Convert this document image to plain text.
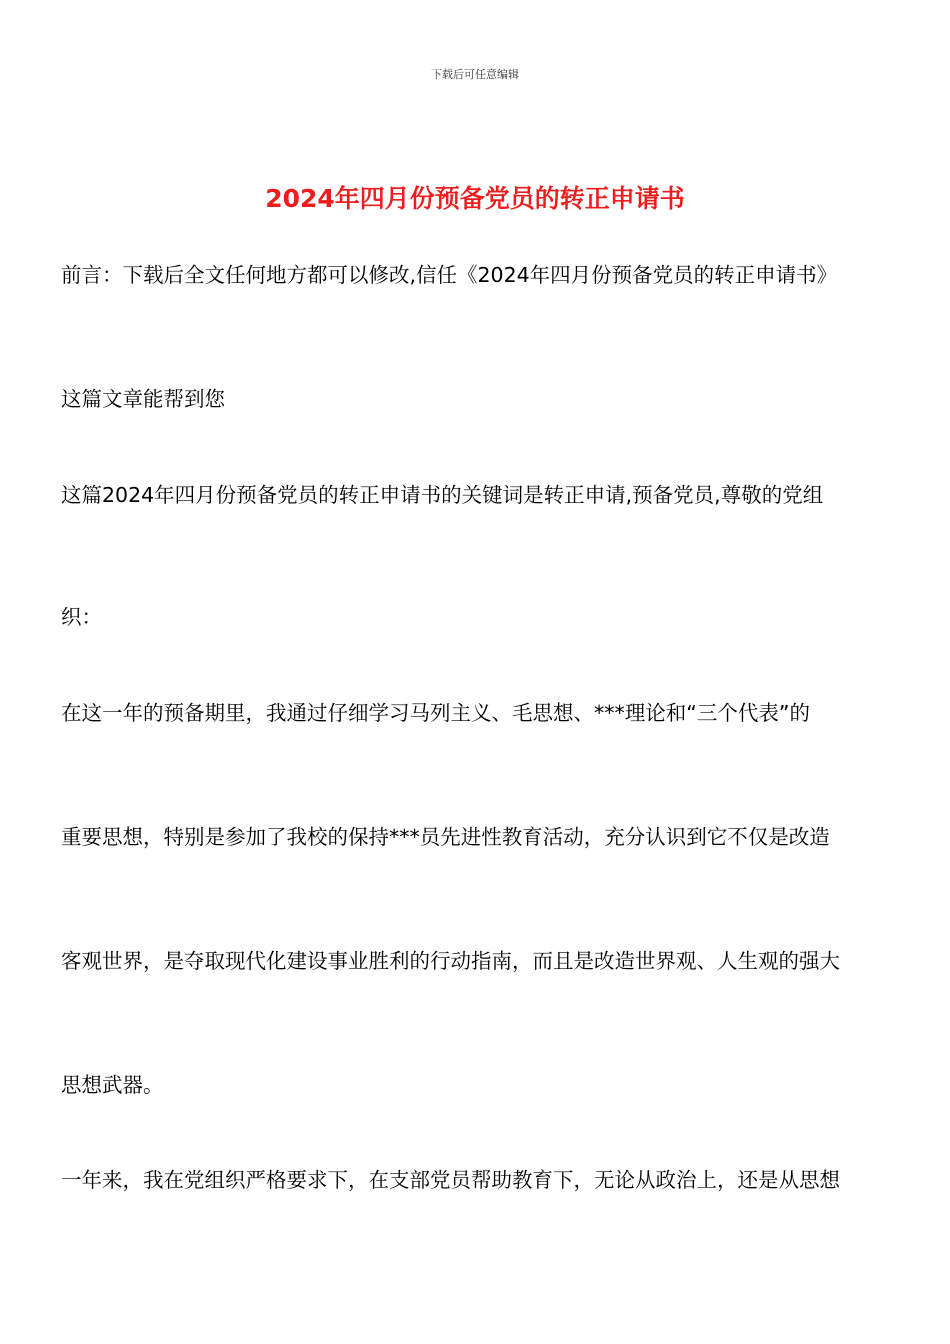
下载后可任意编辑
2024年四月份预备党员的转正申请书
前言：下载后全文任何地方都可以修改,信任《2024年四月份预备党员的转正申请书》
这篇文章能帮到您
这篇2024年四月份预备党员的转正申请书的关键词是转正申请,预备党员,尊敬的党组
织：
在这一年的预备期里，我通过仔细学习马列主义、毛思想、***理论和“三个代表”的
重要思想，特别是参加了我校的保持***员先进性教育活动，充分认识到它不仅是改造
客观世界，是夺取现代化建设事业胜利的行动指南，而且是改造世界观、人生观的强大
思想武器。
一年来，我在党组织严格要求下，在支部党员帮助教育下，无论从政治上，还是从思想
